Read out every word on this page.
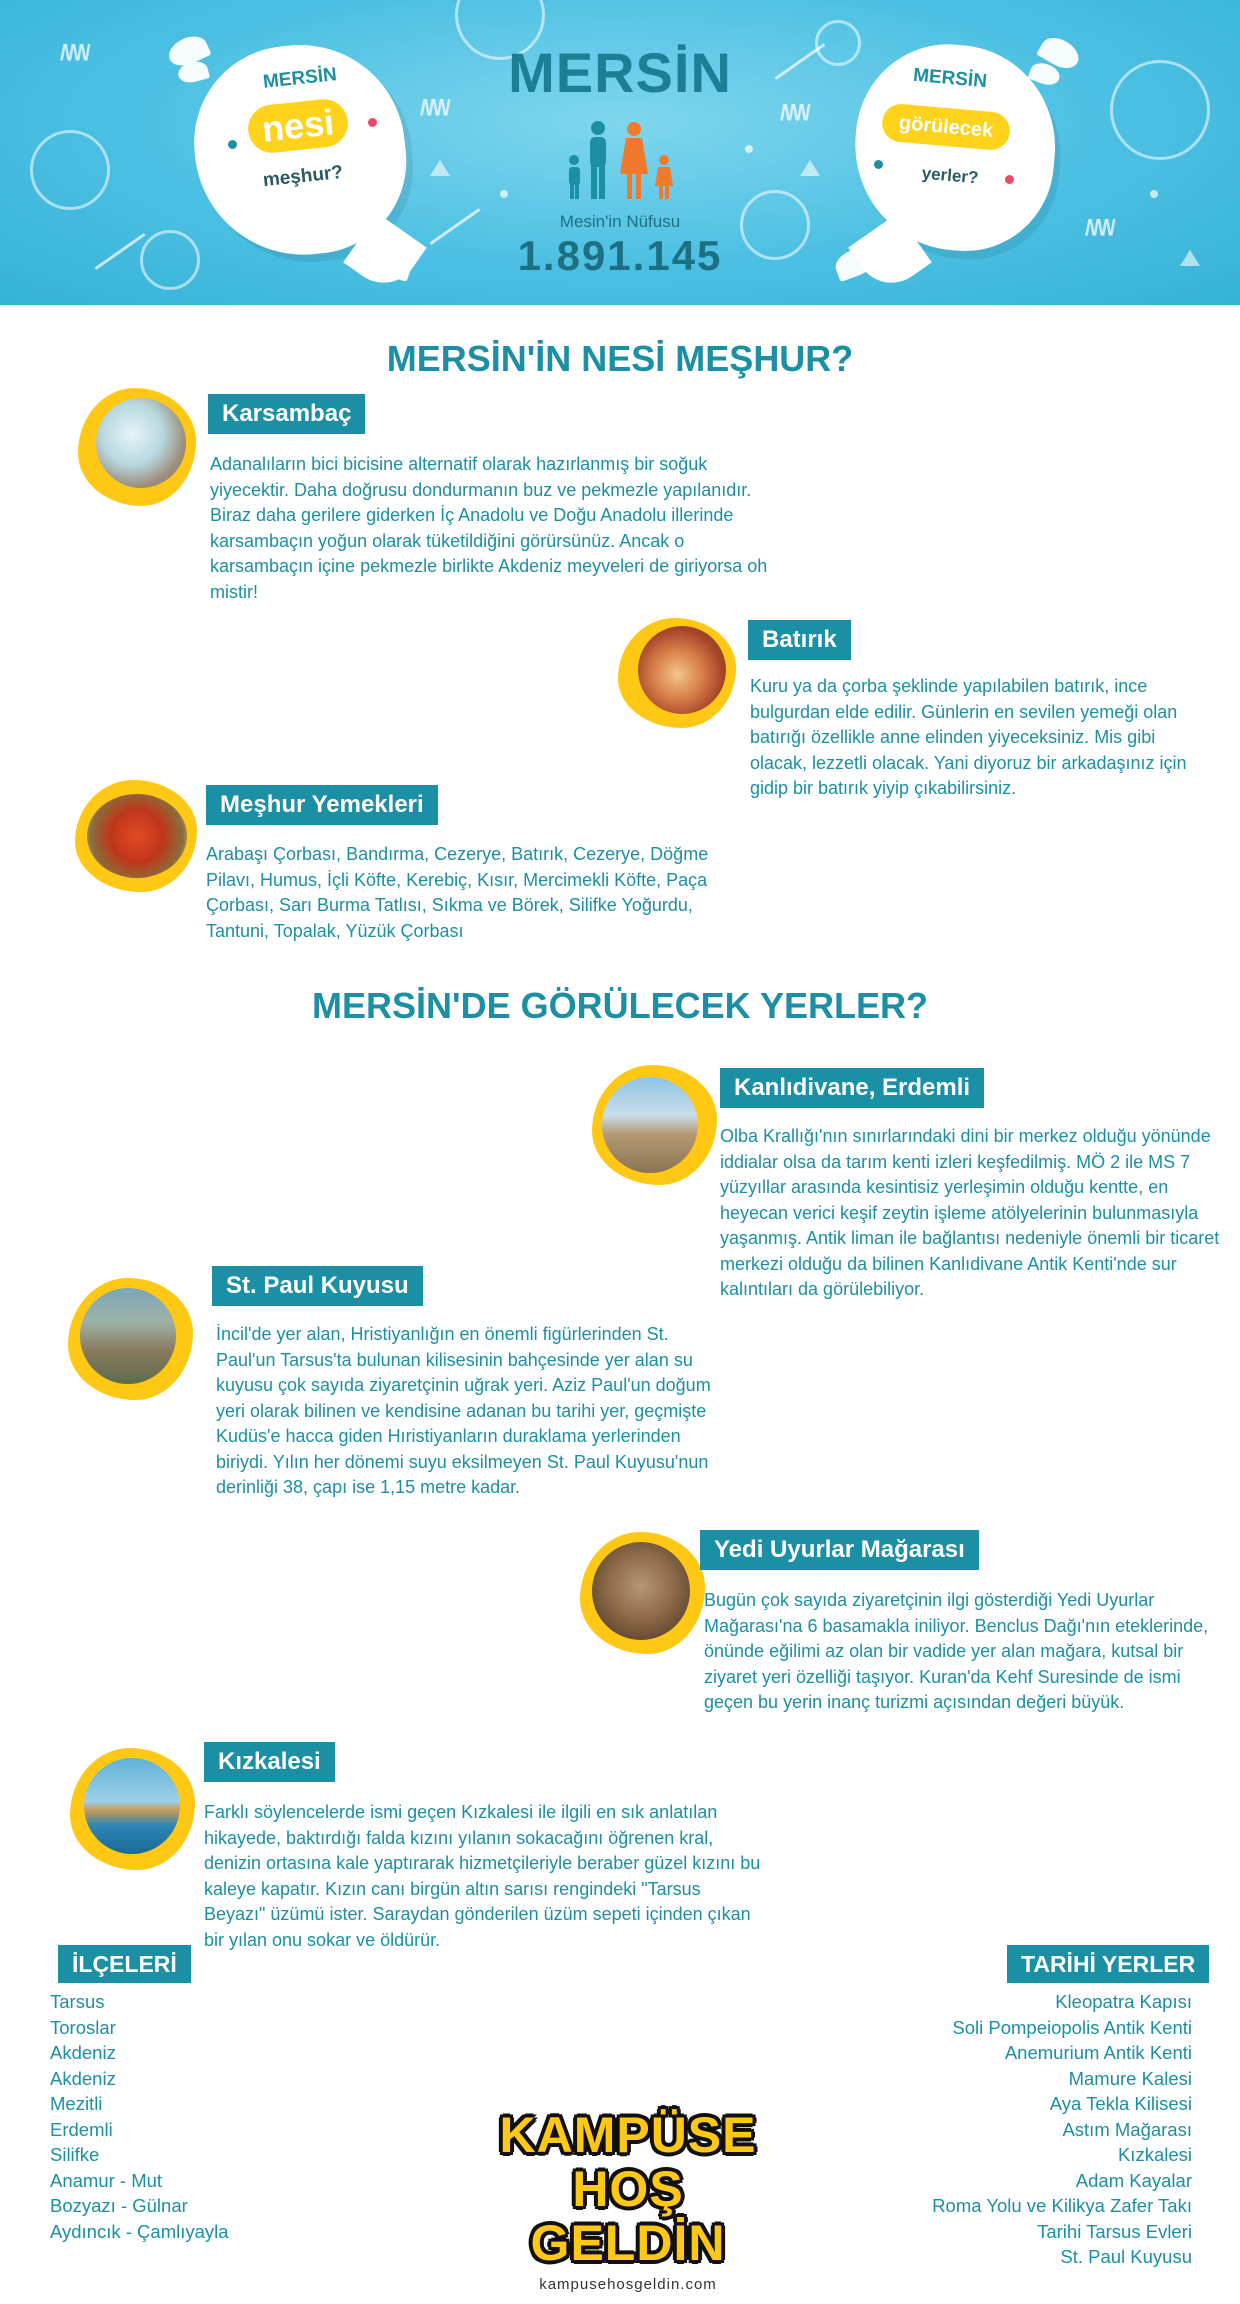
/\/\/\/	/\/\/\/
/\/\/\/
/\/\/\/
MERSİN
nesi
meşhur?
MERSİN
görülecek
yerler?
MERSİN
Mesin'in Nüfusu
1.891.145
MERSİN'İN NESİ MEŞHUR?
Karsambaç
Adanalıların bici bicisine alternatif olarak hazırlanmış bir soğuk yiyecektir. Daha doğrusu dondurmanın buz ve pekmezle yapılanıdır. Biraz daha gerilere giderken İç Anadolu ve Doğu Anadolu illerinde karsambaçın yoğun olarak tüketildiğini görürsünüz. Ancak o karsambaçın içine pekmezle birlikte Akdeniz meyveleri de giriyorsa oh mistir!
Batırık
Kuru ya da çorba şeklinde yapılabilen batırık, ince bulgurdan elde edilir. Günlerin en sevilen yemeği olan batırığı özellikle anne elinden yiyeceksiniz. Mis gibi olacak, lezzetli olacak. Yani diyoruz bir arkadaşınız için gidip bir batırık yiyip çıkabilirsiniz.
Meşhur Yemekleri
Arabaşı Çorbası, Bandırma, Cezerye, Batırık, Cezerye, Döğme Pilavı, Humus, İçli Köfte, Kerebiç, Kısır, Mercimekli Köfte, Paça Çorbası, Sarı Burma Tatlısı, Sıkma ve Börek, Silifke Yoğurdu, Tantuni, Topalak, Yüzük Çorbası
MERSİN'DE GÖRÜLECEK YERLER?
Kanlıdivane, Erdemli
Olba Krallığı'nın sınırlarındaki dini bir merkez olduğu yönünde iddialar olsa da tarım kenti izleri keşfedilmiş. MÖ 2 ile MS 7 yüzyıllar arasında kesintisiz yerleşimin olduğu kentte, en heyecan verici keşif zeytin işleme atölyelerinin bulunmasıyla yaşanmış. Antik liman ile bağlantısı nedeniyle önemli bir ticaret merkezi olduğu da bilinen Kanlıdivane Antik Kenti'nde sur kalıntıları da görülebiliyor.
St. Paul Kuyusu
İncil'de yer alan, Hristiyanlığın en önemli figürlerinden St. Paul'un Tarsus'ta bulunan kilisesinin bahçesinde yer alan su kuyusu çok sayıda ziyaretçinin uğrak yeri. Aziz Paul'un doğum yeri olarak bilinen ve kendisine adanan bu tarihi yer, geçmişte Kudüs'e hacca giden Hıristiyanların duraklama yerlerinden biriydi. Yılın her dönemi suyu eksilmeyen St. Paul Kuyusu'nun derinliği 38, çapı ise 1,15 metre kadar.
Yedi Uyurlar Mağarası
Bugün çok sayıda ziyaretçinin ilgi gösterdiği Yedi Uyurlar Mağarası'na 6 basamakla iniliyor. Benclus Dağı'nın eteklerinde, önünde eğilimi az olan bir vadide yer alan mağara, kutsal bir ziyaret yeri özelliği taşıyor. Kuran'da Kehf Suresinde de ismi geçen bu yerin inanç turizmi açısından değeri büyük.
Kızkalesi
Farklı söylencelerde ismi geçen Kızkalesi ile ilgili en sık anlatılan hikayede, baktırdığı falda kızını yılanın sokacağını öğrenen kral, denizin ortasına kale yaptırarak hizmetçileriyle beraber güzel kızını bu kaleye kapatır. Kızın canı birgün altın sarısı rengindeki "Tarsus Beyazı" üzümü ister. Saraydan gönderilen üzüm sepeti içinden çıkan bir yılan onu sokar ve öldürür.
İLÇELERİ
Tarsus
Toroslar
Akdeniz
Akdeniz
Mezitli
Erdemli
Silifke
Anamur - Mut
Bozyazı - Gülnar
Aydıncık - Çamlıyayla
TARİHİ YERLER
Kleopatra Kapısı
Soli Pompeiopolis Antik Kenti
Anemurium Antik Kenti
Mamure Kalesi
Aya Tekla Kilisesi
Astım Mağarası
Kızkalesi
Adam Kayalar
Roma Yolu ve Kilikya Zafer Takı
Tarihi Tarsus Evleri
St. Paul Kuyusu
KAMPÜSE
HOŞ GELDİN
kampusehosgeldin.com
